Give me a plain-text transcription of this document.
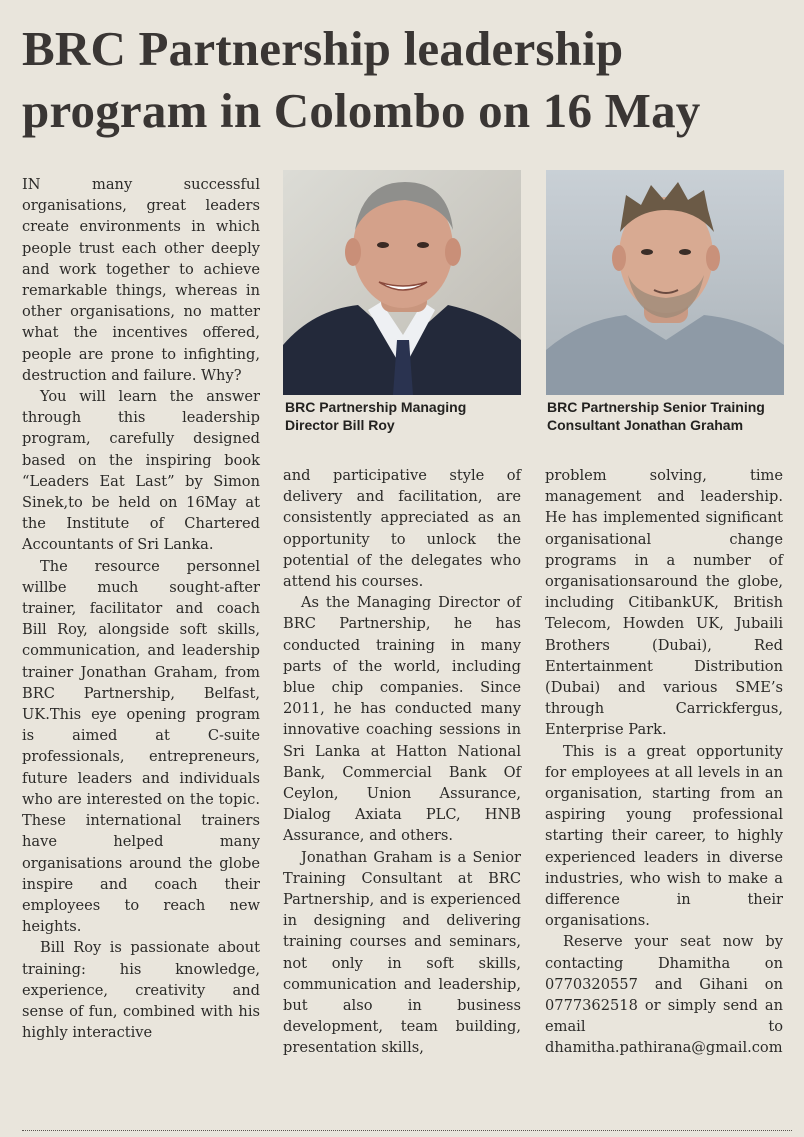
BRC Partnership leadership program in Colombo on 16 May

IN many successful organisations, great leaders create environments in which people trust each other deeply and work together to achieve remarkable things, whereas in other organisations, no matter what the incentives offered, people are prone to infighting, destruction and failure. Why?

You will learn the answer through this leadership program, carefully designed based on the inspiring book “Leaders Eat Last” by Simon Sinek,to be held on 16May at the Institute of Chartered Accountants of Sri Lanka.

The resource personnel willbe much sought-after trainer, facilitator and coach Bill Roy, alongside soft skills, communication, and leadership trainer Jonathan Graham, from BRC Partnership, Belfast, UK.This eye opening program is aimed at C-suite professionals, entrepreneurs, future leaders and individuals who are interested on the topic. These international trainers have helped many organisations around the globe inspire and coach their employees to reach new heights.

Bill Roy is passionate about training: his knowledge, experience, creativity and sense of fun, combined with his highly interactive

BRC Partnership Managing Director Bill Roy
BRC Partnership Senior Training Consultant Jonathan Graham

and participative style of delivery and facilitation, are consistently appreciated as an opportunity to unlock the potential of the delegates who attend his courses.

As the Managing Director of BRC Partnership, he has conducted training in many parts of the world, including blue chip companies. Since 2011, he has conducted many innovative coaching sessions in Sri Lanka at Hatton National Bank, Commercial Bank Of Ceylon, Union Assurance, Dialog Axiata PLC, HNB Assurance, and others.

Jonathan Graham is a Senior Training Consultant at BRC Partnership, and is experienced in designing and delivering training courses and seminars, not only in soft skills, communication and leadership, but also in business development, team building, presentation skills,

problem solving, time management and leadership. He has implemented significant organisational change programs in a number of organisationsaround the globe, including CitibankUK, British Telecom, Howden UK, Jubaili Brothers (Dubai), Red Entertainment Distribution (Dubai) and various SME’s through Carrickfergus, Enterprise Park.

This is a great opportunity for employees at all levels in an organisation, starting from an aspiring young professional starting their career, to highly experienced leaders in diverse industries, who wish to make a difference in their organisations.

Reserve your seat now by contacting Dhamitha on 0770320557 and Gihani on 0777362518 or simply send an email to dhamitha.pathirana@gmail.com
